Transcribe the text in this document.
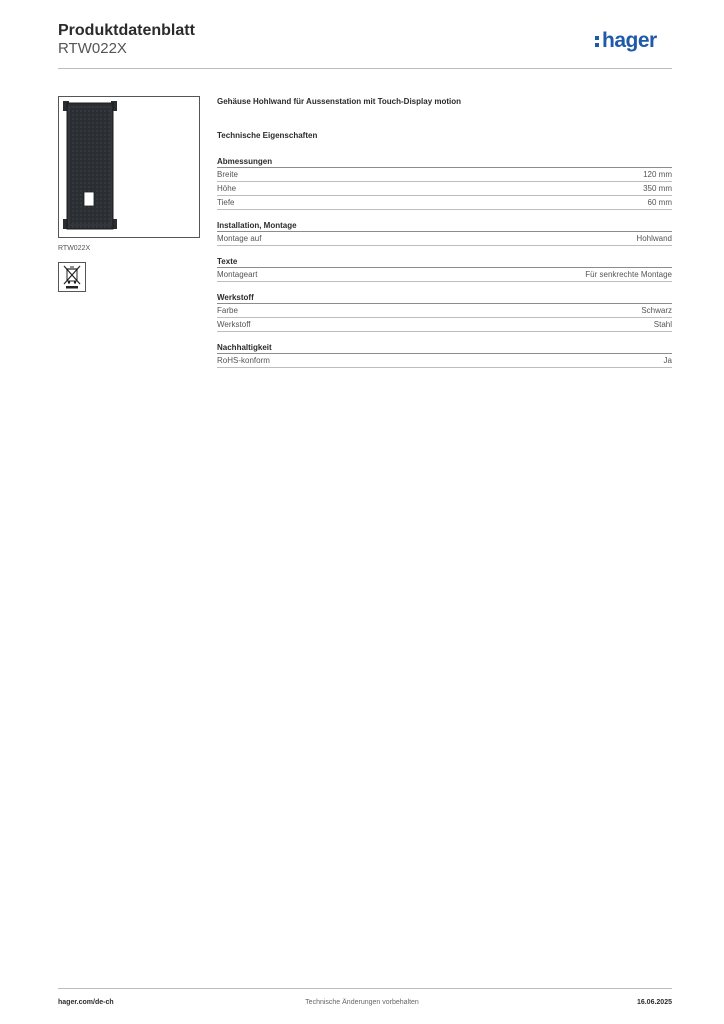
Produktdatenblatt
RTW022X	hager
RTW022X
Gehäuse Hohlwand für Aussenstation mit Touch-Display motion
Technische Eigenschaften
Abmessungen
Breite	120 mm
Höhe	350 mm
Tiefe	60 mm
Installation, Montage
Montage auf	Hohlwand
Texte
Montageart	Für senkrechte Montage
Werkstoff
Farbe	Schwarz
Werkstoff	Stahl
Nachhaltigkeit
RoHS-konform	Ja
hager.com/de-ch	Technische Änderungen vorbehalten	16.06.2025
